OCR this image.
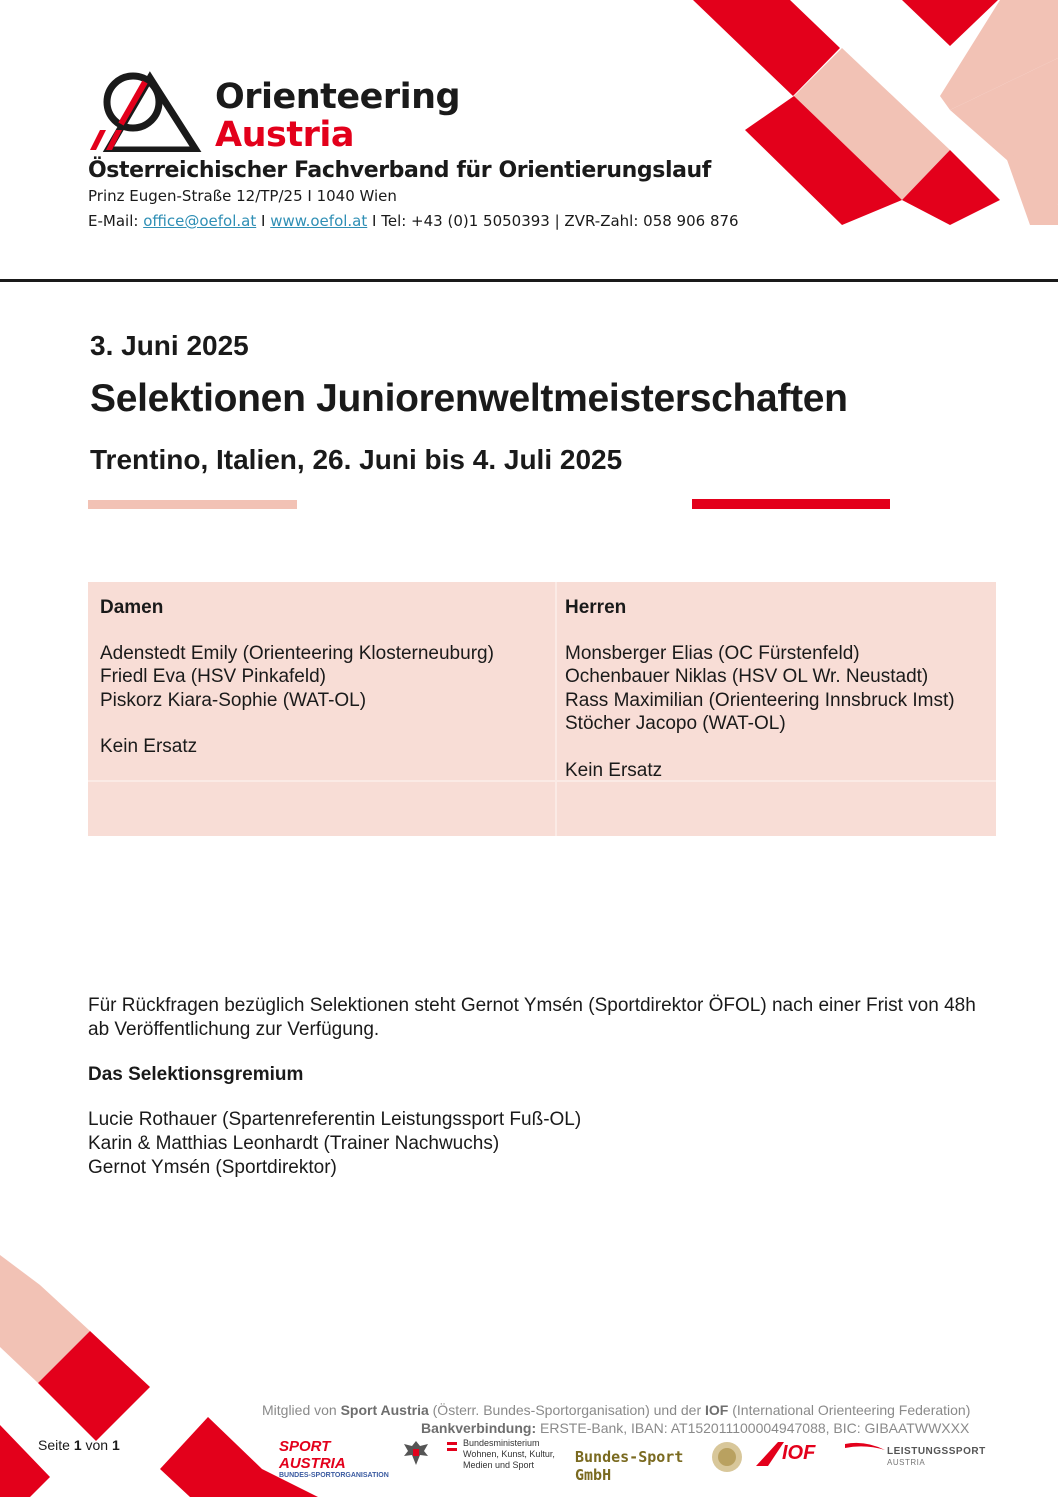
Orienteering
Austria
Österreichischer Fachverband für Orientierungslauf
Prinz Eugen-Straße 12/TP/25 I 1040 Wien
E-Mail: office@oefol.at I www.oefol.at I Tel: +43 (0)1 5050393 | ZVR-Zahl: 058 906 876
3. Juni 2025
Selektionen Juniorenweltmeisterschaften
Trentino, Italien, 26. Juni bis 4. Juli 2025
Damen
Adenstedt Emily (Orienteering Klosterneuburg)
Friedl Eva (HSV Pinkafeld)
Piskorz Kiara-Sophie (WAT-OL)
Kein Ersatz
Herren
Monsberger Elias (OC Fürstenfeld)
Ochenbauer Niklas (HSV OL Wr. Neustadt)
Rass Maximilian (Orienteering Innsbruck Imst)
Stöcher Jacopo (WAT-OL)
Kein Ersatz
Für Rückfragen bezüglich Selektionen steht Gernot Ymsén (Sportdirektor ÖFOL) nach einer Frist von 48h ab Veröffentlichung zur Verfügung.
Das Selektionsgremium
Lucie Rothauer (Spartenreferentin Leistungssport Fuß-OL)
Karin & Matthias Leonhardt (Trainer Nachwuchs)
Gernot Ymsén (Sportdirektor)
Mitglied von Sport Austria (Österr. Bundes-Sportorganisation) und der IOF (International Orienteering Federation)
Bankverbindung: ERSTE-Bank, IBAN: AT152011100004947088, BIC: GIBAATWWXXX
Seite 1 von 1	SPORT AUSTRIA
BUNDES-SPORTORGANISATION
Bundesministerium
Wohnen, Kunst, Kultur,
Medien und Sport	Bundes-Sport GmbH
IOF	LEISTUNGSSPORT
AUSTRIA
